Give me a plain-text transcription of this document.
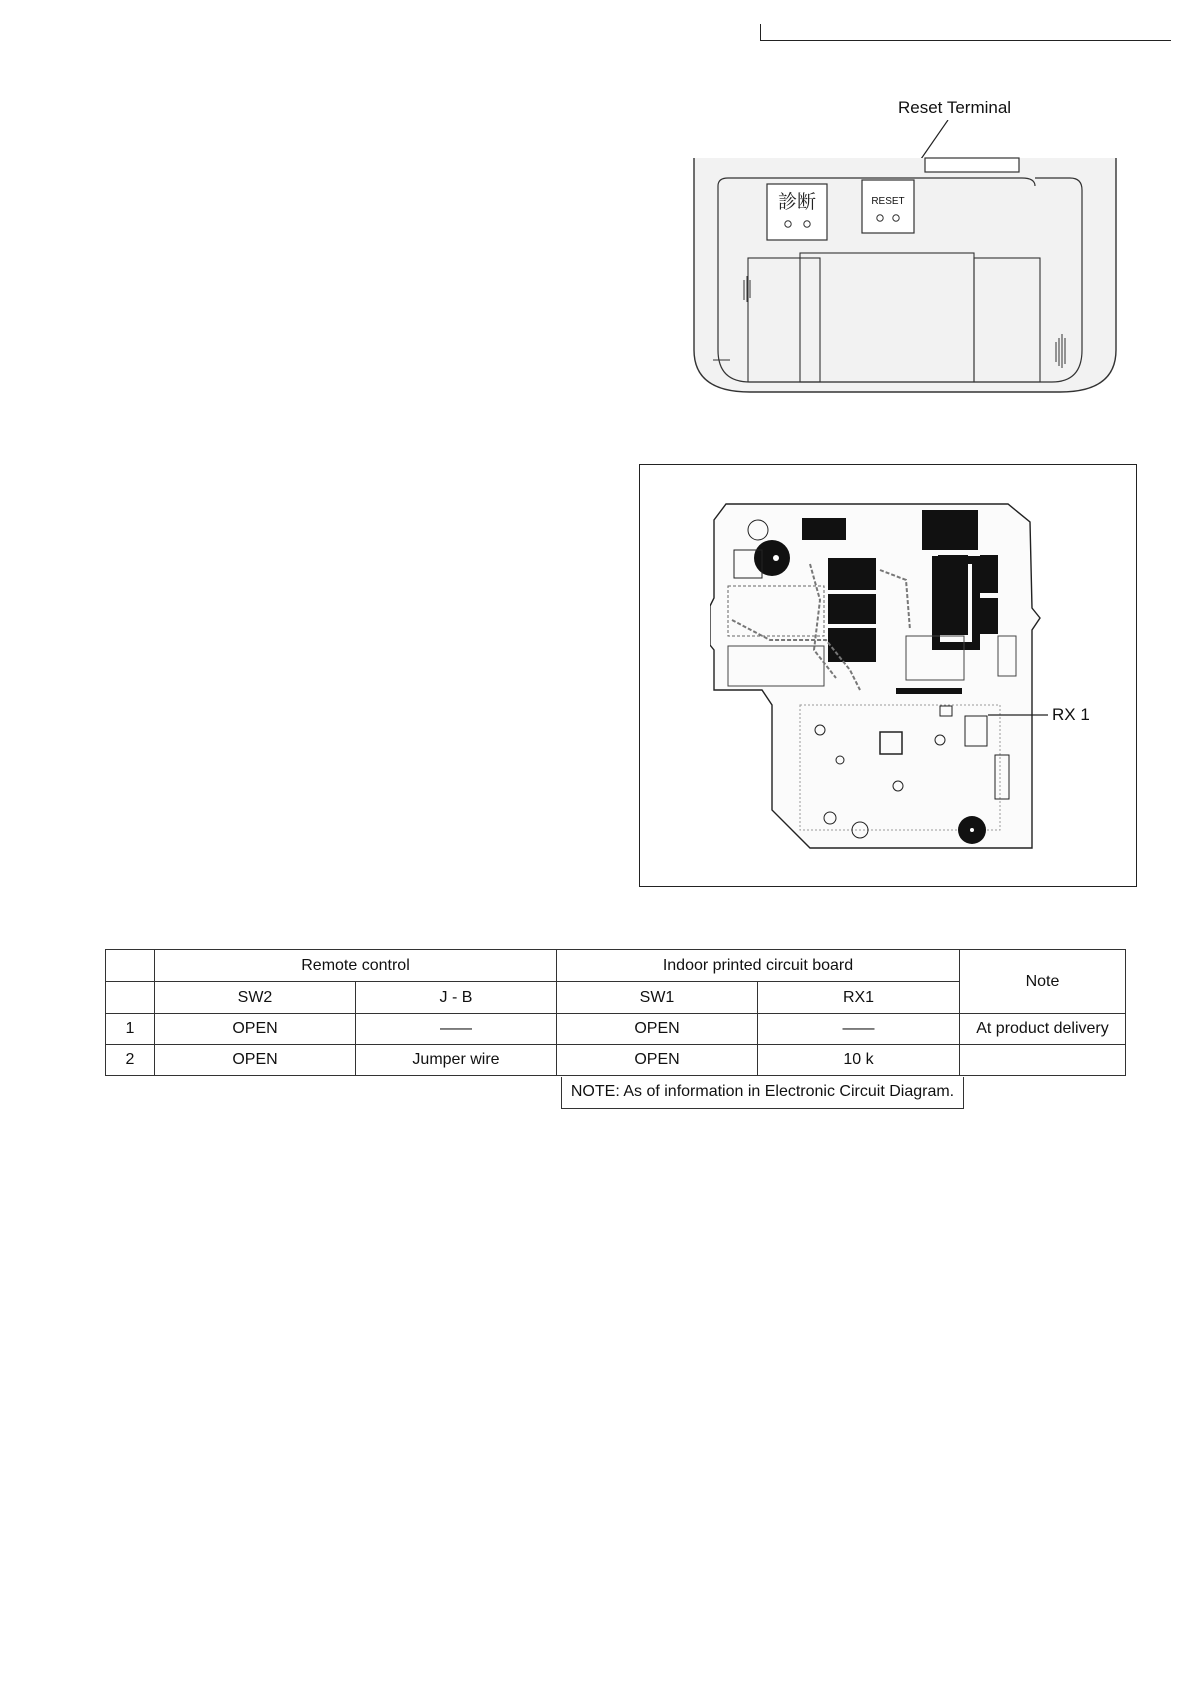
Reset Terminal
診断	RESET
RX 1
	Remote control		Indoor printed circuit board		Note
	SW2	J - B	SW1	RX1	
1	OPEN	——	OPEN	——	At product delivery
2	OPEN	Jumper wire	OPEN	10 k	
NOTE: As of information in Electronic Circuit Diagram.
